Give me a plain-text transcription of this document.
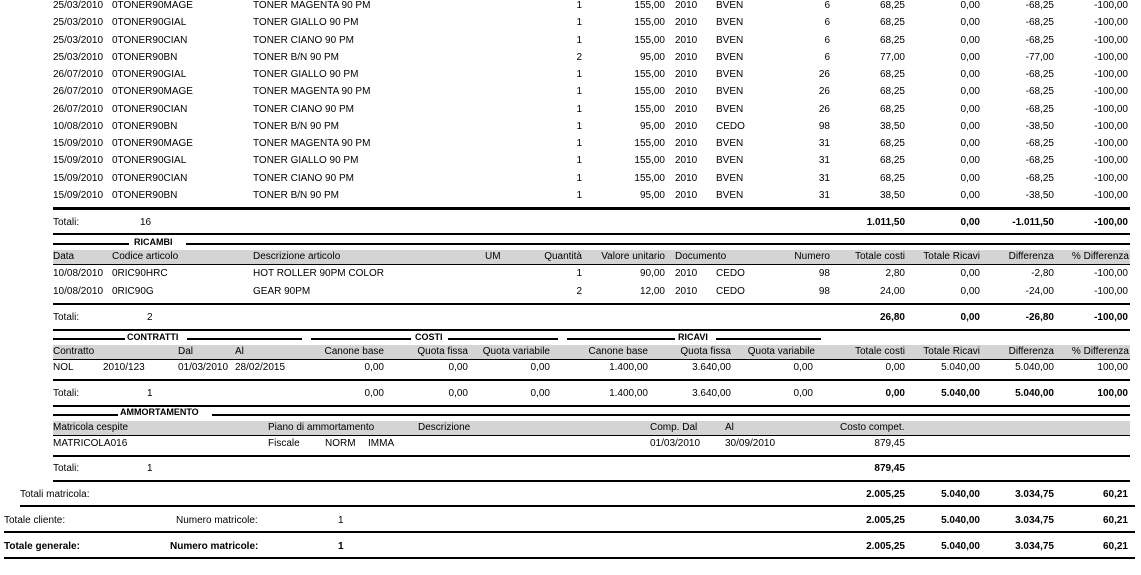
25/03/2010 0TONER90MAGE	TONER MAGENTA 90 PM	1	155,00 2010 BVEN	6	68,25	0,00	-68,25	-100,00
25/03/2010 0TONER90GIAL	TONER GIALLO 90 PM	1	155,00 2010 BVEN	6	68,25	0,00	-68,25	-100,00
25/03/2010 0TONER90CIAN	TONER CIANO 90 PM	1	155,00 2010 BVEN	6	68,25	0,00	-68,25	-100,00
25/03/2010 0TONER90BN	TONER B/N 90 PM	2	95,00 2010 BVEN	6	77,00	0,00	-77,00	-100,00
26/07/2010 0TONER90GIAL	TONER GIALLO 90 PM	1	155,00 2010 BVEN	26	68,25	0,00	-68,25	-100,00
26/07/2010 0TONER90MAGE	TONER MAGENTA 90 PM	1	155,00 2010 BVEN	26	68,25	0,00	-68,25	-100,00
26/07/2010 0TONER90CIAN	TONER CIANO 90 PM	1	155,00 2010 BVEN	26	68,25	0,00	-68,25	-100,00
10/08/2010 0TONER90BN	TONER B/N 90 PM	1	95,00 2010 CEDO	98	38,50	0,00	-38,50	-100,00
15/09/2010 0TONER90MAGE	TONER MAGENTA 90 PM	1	155,00 2010 BVEN	31	68,25	0,00	-68,25	-100,00
15/09/2010 0TONER90GIAL	TONER GIALLO 90 PM	1	155,00 2010 BVEN	31	68,25	0,00	-68,25	-100,00
15/09/2010 0TONER90CIAN	TONER CIANO 90 PM	1	155,00 2010 BVEN	31	68,25	0,00	-68,25	-100,00
15/09/2010 0TONER90BN	TONER B/N 90 PM	1	95,00 2010 BVEN	31	38,50	0,00	-38,50	-100,00
Totali:	16	1.011,50	0,00	-1.011,50	-100,00
RICAMBI
Data	Codice articolo	Descrizione articolo	UM	Quantità	Valore unitario Documento	Numero	Totale costi	Totale Ricavi	Differenza	% Differenza
10/08/2010 0RIC90HRC	HOT ROLLER 90PM COLOR	1	90,00 2010 CEDO	98	2,80	0,00	-2,80	-100,00
10/08/2010 0RIC90G	GEAR 90PM	2	12,00 2010 CEDO	98	24,00	0,00	-24,00	-100,00
Totali:	2	26,80	0,00	-26,80	-100,00
CONTRATTI	COSTI	RICAVI
Contratto	Dal	Al	Canone base	Quota fissa	Quota variabile	Canone base	Quota fissa	Quota variabile	Totale costi	Totale Ricavi	Differenza	% Differenza
NOL	2010/123	01/03/2010 28/02/2015	0,00	0,00	0,00	1.400,00	3.640,00	0,00	0,00	5.040,00	5.040,00	100,00
Totali:	1	0,00	0,00	0,00	1.400,00	3.640,00	0,00	0,00	5.040,00	5.040,00	100,00
AMMORTAMENTO
Matricola cespite	Piano di ammortamento	Descrizione	Comp. Dal	Al	Costo compet.
MATRICOLA016	Fiscale	NORM IMMA	01/03/2010 30/09/2010	879,45
Totali:	1	879,45
Totali matricola:	2.005,25	5.040,00	3.034,75	60,21
Totale cliente:	Numero matricole:	1	2.005,25	5.040,00	3.034,75	60,21
Totale generale:	Numero matricole:	1	2.005,25	5.040,00	3.034,75	60,21
